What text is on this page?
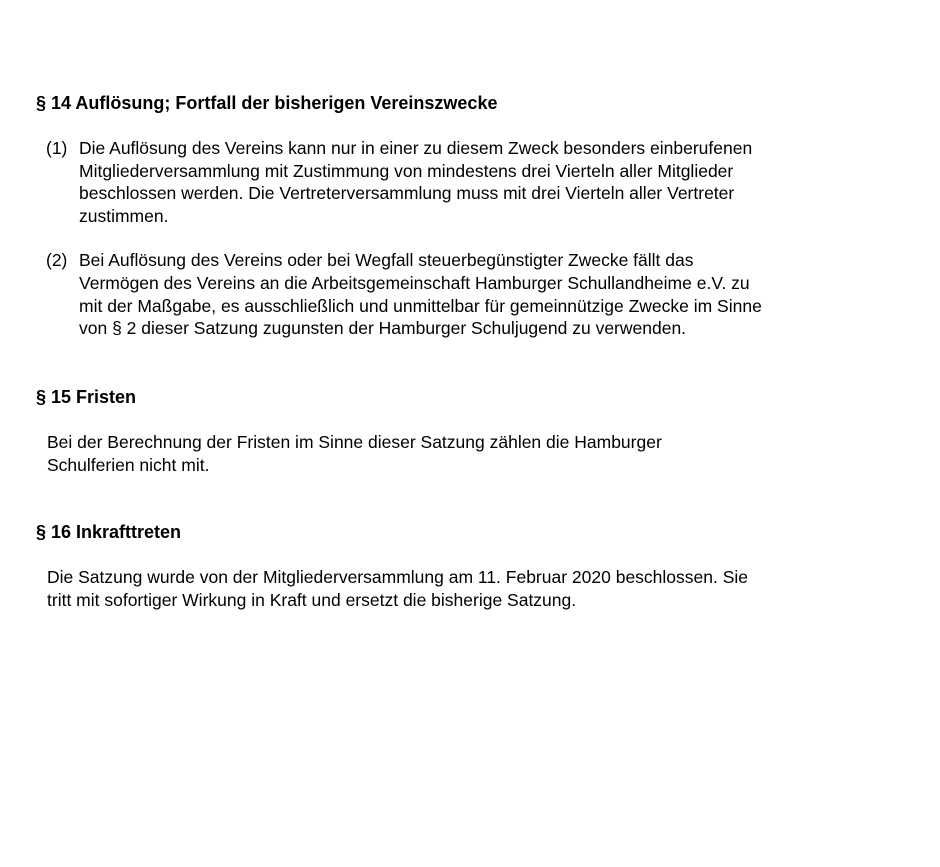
§ 14 Auflösung; Fortfall der bisherigen Vereinszwecke

(1) Die Auflösung des Vereins kann nur in einer zu diesem Zweck besonders einberufenen
Mitgliederversammlung mit Zustimmung von mindestens drei Vierteln aller Mitglieder
beschlossen werden. Die Vertreterversammlung muss mit drei Vierteln aller Vertreter
zustimmen.
(2) Bei Auflösung des Vereins oder bei Wegfall steuerbegünstigter Zwecke fällt das
Vermögen des Vereins an die Arbeitsgemeinschaft Hamburger Schullandheime e.V. zu
mit der Maßgabe, es ausschließlich und unmittelbar für gemeinnützige Zwecke im Sinne
von § 2 dieser Satzung zugunsten der Hamburger Schuljugend zu verwenden.

§ 15 Fristen

Bei der Berechnung der Fristen im Sinne dieser Satzung zählen die Hamburger
Schulferien nicht mit.

§ 16 Inkrafttreten

Die Satzung wurde von der Mitgliederversammlung am 11. Februar 2020 beschlossen. Sie
tritt mit sofortiger Wirkung in Kraft und ersetzt die bisherige Satzung.
